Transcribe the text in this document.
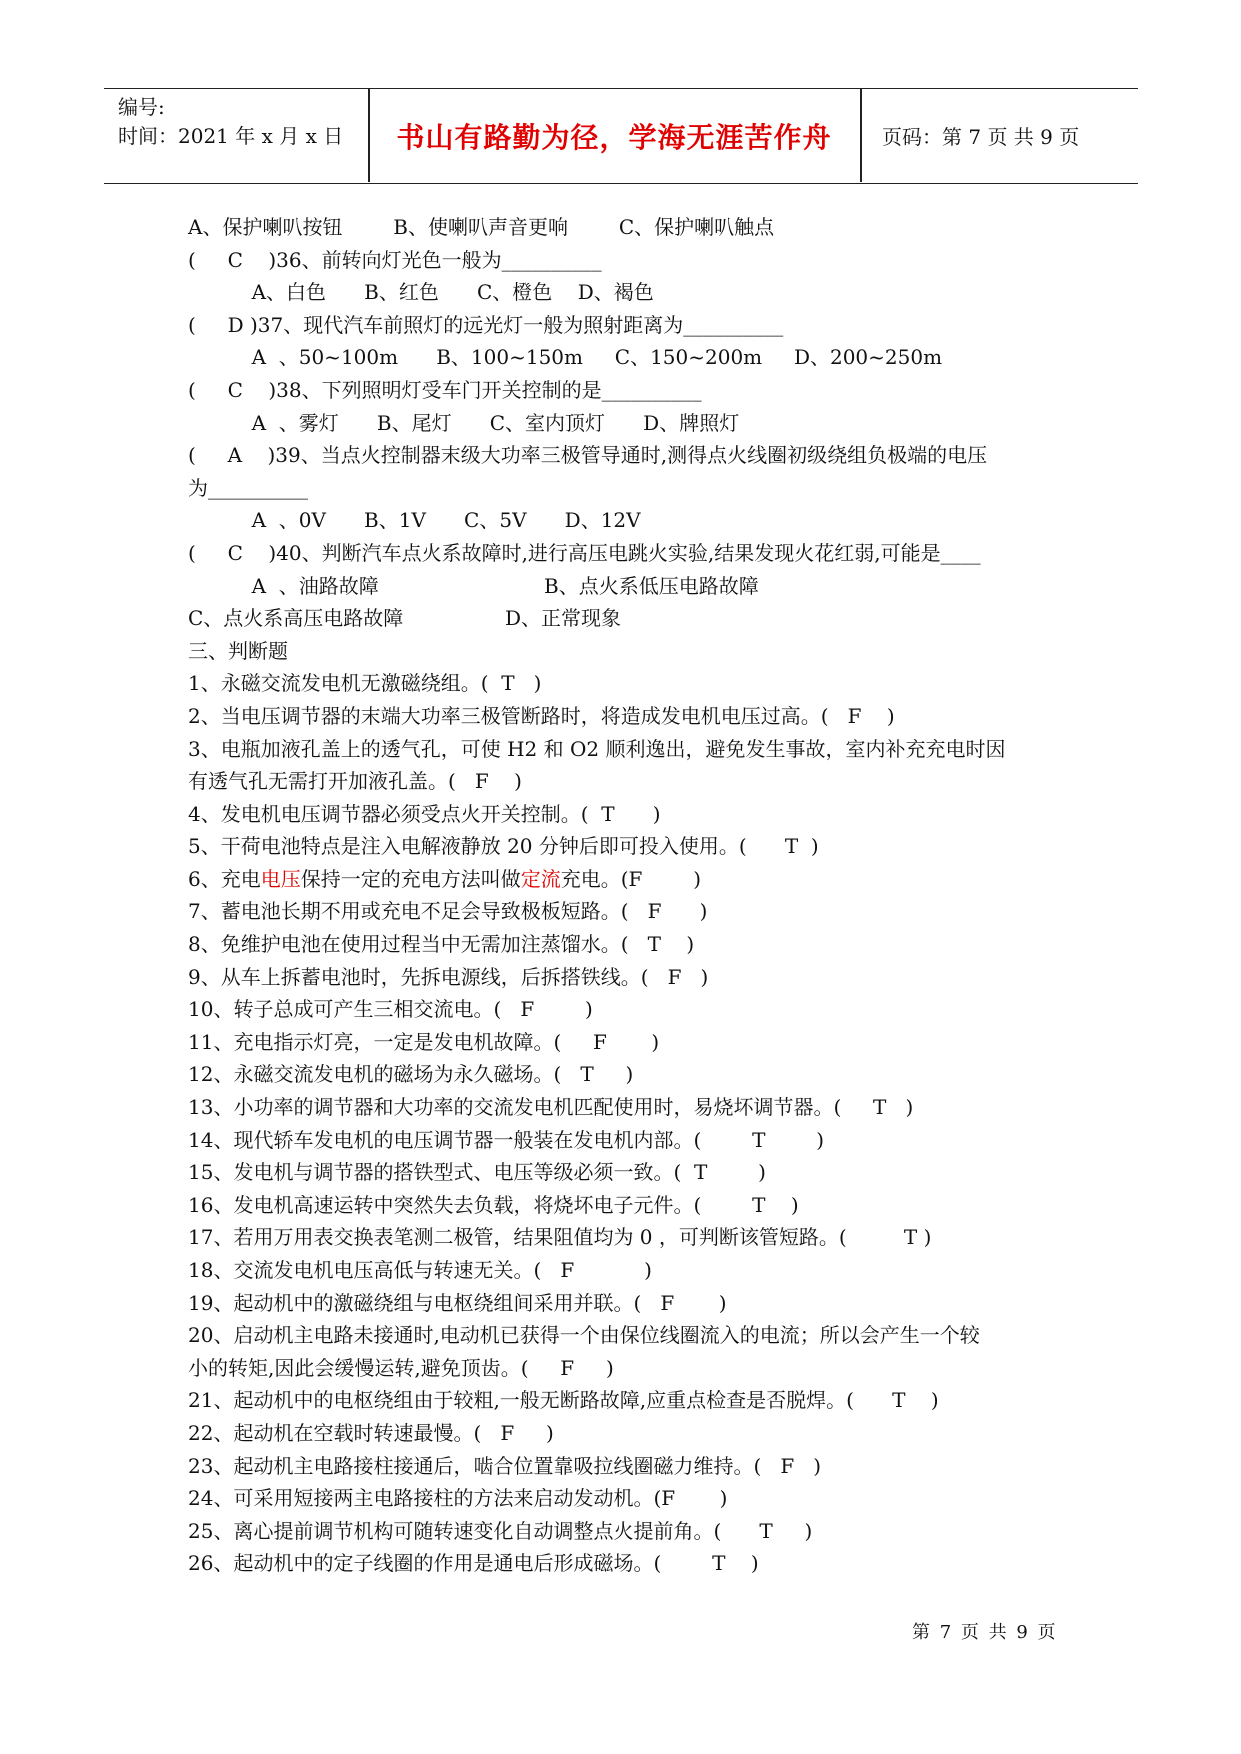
编号:
时间：2021 年 x 月 x 日	书山有路勤为径，学海无涯苦作舟	页码：第 7 页 共 9 页
A、保护喇叭按钮        B、使喇叭声音更响        C、保护喇叭触点
(     C    )36、前转向灯光色一般为__________
A、白色      B、红色      C、橙色    D、褐色
(     D )37、现代汽车前照灯的远光灯一般为照射距离为__________
A  、50~100m      B、100~150m     C、150~200m     D、200~250m
(     C    )38、下列照明灯受车门开关控制的是__________
A  、雾灯      B、尾灯      C、室内顶灯      D、牌照灯
(     A    )39、当点火控制器末级大功率三极管导通时,测得点火线圈初级绕组负极端的电压
为__________
A  、0V      B、1V      C、5V      D、12V
(     C    )40、判断汽车点火系故障时,进行高压电跳火实验,结果发现火花红弱,可能是____
A  、油路故障                          B、点火系低压电路故障
C、点火系高压电路故障                D、正常现象
三、判断题
1、永磁交流发电机无激磁绕组。(  T   )
2、当电压调节器的末端大功率三极管断路时，将造成发电机电压过高。(   F    )
3、电瓶加液孔盖上的透气孔，可使 H2 和 O2 顺利逸出，避免发生事故，室内补充充电时因
有透气孔无需打开加液孔盖。(   F    )
4、发电机电压调节器必须受点火开关控制。(  T      )
5、干荷电池特点是注入电解液静放 20 分钟后即可投入使用。(      T  )
6、充电电压保持一定的充电方法叫做定流充电。(F        )
7、蓄电池长期不用或充电不足会导致极板短路。(   F      )
8、免维护电池在使用过程当中无需加注蒸馏水。(   T    )
9、从车上拆蓄电池时，先拆电源线，后拆搭铁线。(   F   )
10、转子总成可产生三相交流电。(   F        )
11、充电指示灯亮，一定是发电机故障。(     F       )
12、永磁交流发电机的磁场为永久磁场。(   T     )
13、小功率的调节器和大功率的交流发电机匹配使用时，易烧坏调节器。(     T   )
14、现代轿车发电机的电压调节器一般装在发电机内部。(        T        )
15、发电机与调节器的搭铁型式、电压等级必须一致。(  T        )
16、发电机高速运转中突然失去负载，将烧坏电子元件。(        T    )
17、若用万用表交换表笔测二极管，结果阻值均为 0 ，可判断该管短路。(         T )
18、交流发电机电压高低与转速无关。(   F           )
19、起动机中的激磁绕组与电枢绕组间采用并联。(   F       )
20、启动机主电路未接通时,电动机已获得一个由保位线圈流入的电流；所以会产生一个较
小的转矩,因此会缓慢运转,避免顶齿。(     F     )
21、起动机中的电枢绕组由于较粗,一般无断路故障,应重点检查是否脱焊。(      T    )
22、起动机在空载时转速最慢。(   F     )
23、起动机主电路接柱接通后，啮合位置靠吸拉线圈磁力维持。(   F   )
24、可采用短接两主电路接柱的方法来启动发动机。(F       )
25、离心提前调节机构可随转速变化自动调整点火提前角。(      T     )
26、起动机中的定子线圈的作用是通电后形成磁场。(        T    )
第 7 页 共 9 页
